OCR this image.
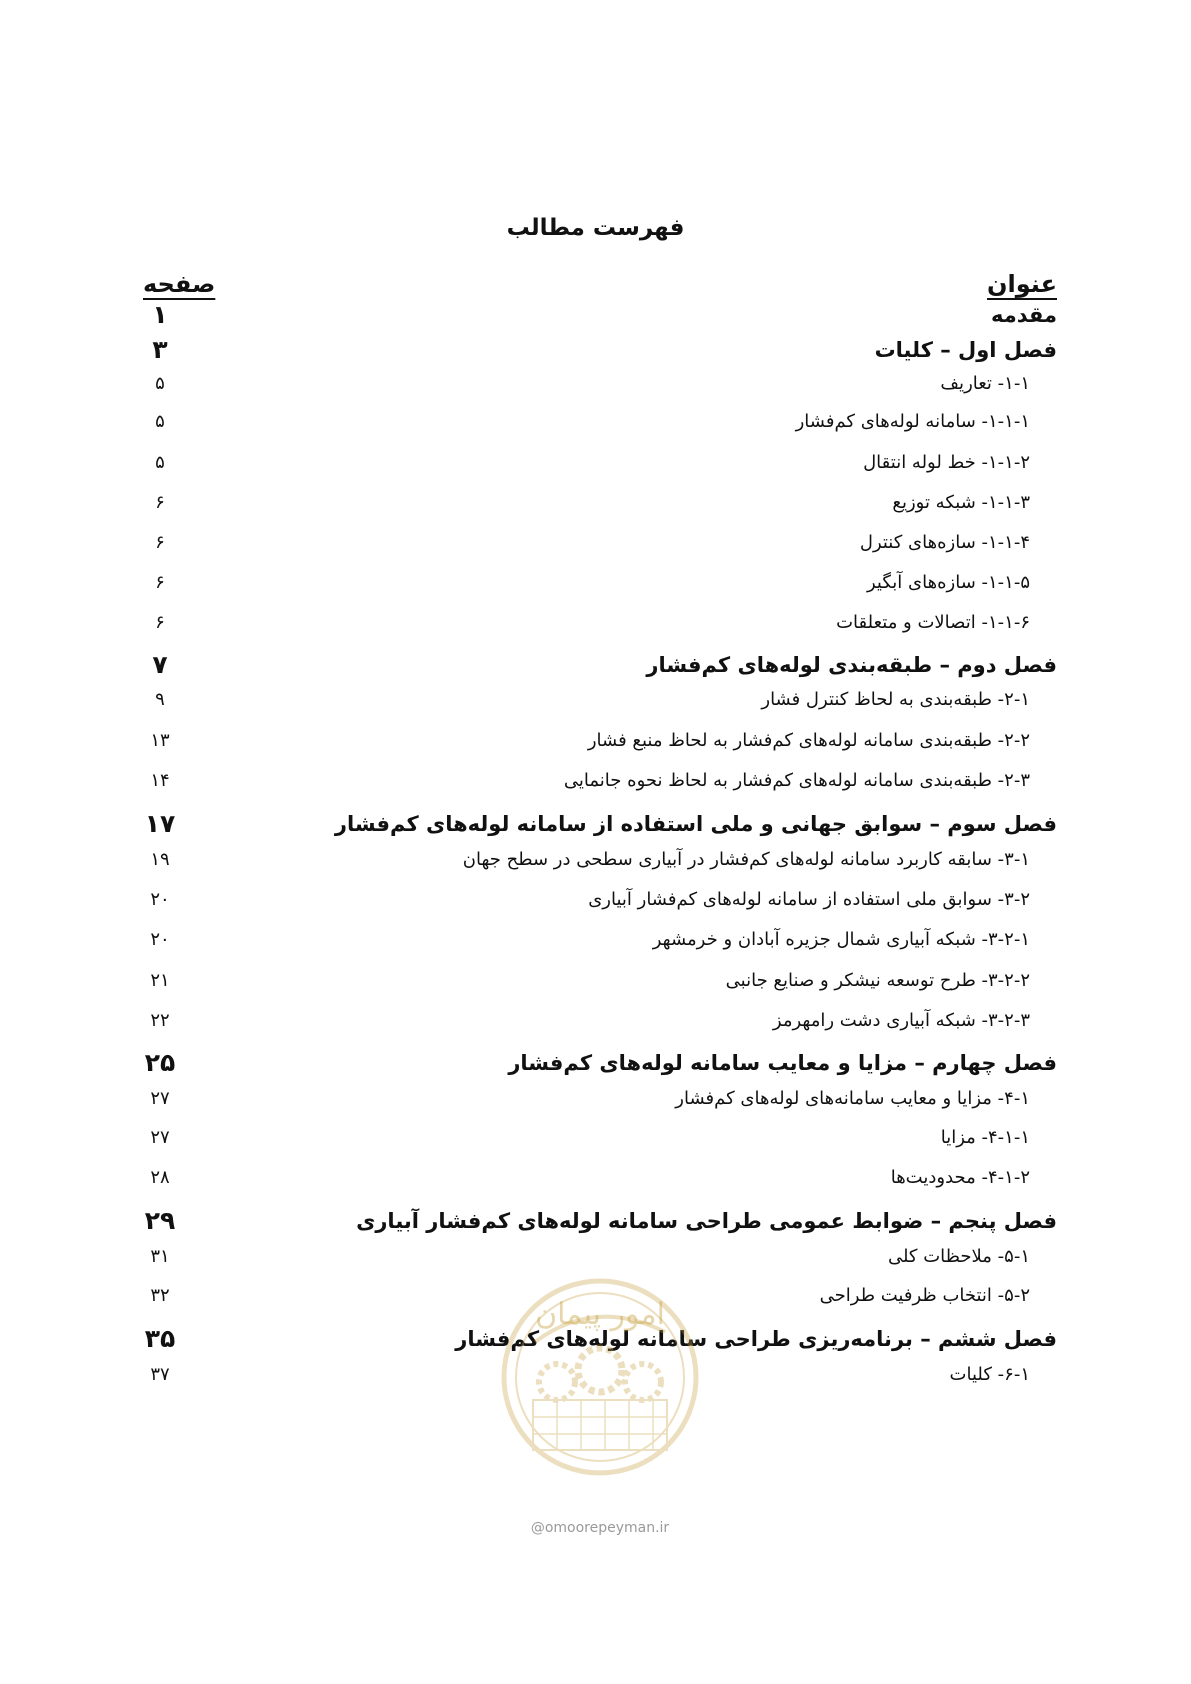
فهرست مطالب
عنوان
صفحه
مقدمه
۱
فصل اول – کلیات
۳
۱-۱- تعاریف
۵
۱-۱-۱- سامانه لوله‌های کم‌فشار
۵
۱-۱-۲- خط لوله انتقال
۵
۱-۱-۳- شبکه توزیع
۶
۱-۱-۴- سازه‌های کنترل
۶
۱-۱-۵- سازه‌های آبگیر
۶
۱-۱-۶- اتصالات و متعلقات
۶
فصل دوم – طبقه‌بندی لوله‌های کم‌فشار
۷
۲-۱- طبقه‌بندی به لحاظ کنترل فشار
۹
۲-۲- طبقه‌بندی سامانه لوله‌های کم‌فشار به لحاظ منبع فشار
۱۳
۲-۳- طبقه‌بندی سامانه لوله‌های کم‌فشار به لحاظ نحوه جانمایی
۱۴
فصل سوم – سوابق جهانی و ملی استفاده از سامانه لوله‌های کم‌فشار
۱۷
۳-۱- سابقه کاربرد سامانه لوله‌های کم‌فشار در آبیاری سطحی در سطح جهان
۱۹
۳-۲- سوابق ملی استفاده از سامانه لوله‌های کم‌فشار آبیاری
۲۰
۳-۲-۱- شبکه آبیاری شمال جزیره آبادان و خرمشهر
۲۰
۳-۲-۲- طرح توسعه نیشکر و صنایع جانبی
۲۱
۳-۲-۳- شبکه آبیاری دشت رامهرمز
۲۲
فصل چهارم – مزایا و معایب سامانه لوله‌های کم‌فشار
۲۵
۴-۱- مزایا و معایب سامانه‌های لوله‌های کم‌فشار
۲۷
۴-۱-۱- مزایا
۲۷
۴-۱-۲- محدودیت‌ها
۲۸
فصل پنجم – ضوابط عمومی طراحی سامانه لوله‌های کم‌فشار آبیاری
۲۹
۵-۱- ملاحظات کلی
۳۱
۵-۲- انتخاب ظرفیت طراحی
۳۲
فصل ششم – برنامه‌ریزی طراحی سامانه لوله‌های کم‌فشار
۳۵
۶-۱- کلیات
۳۷
امور پیمان
@omoorepeyman.ir
